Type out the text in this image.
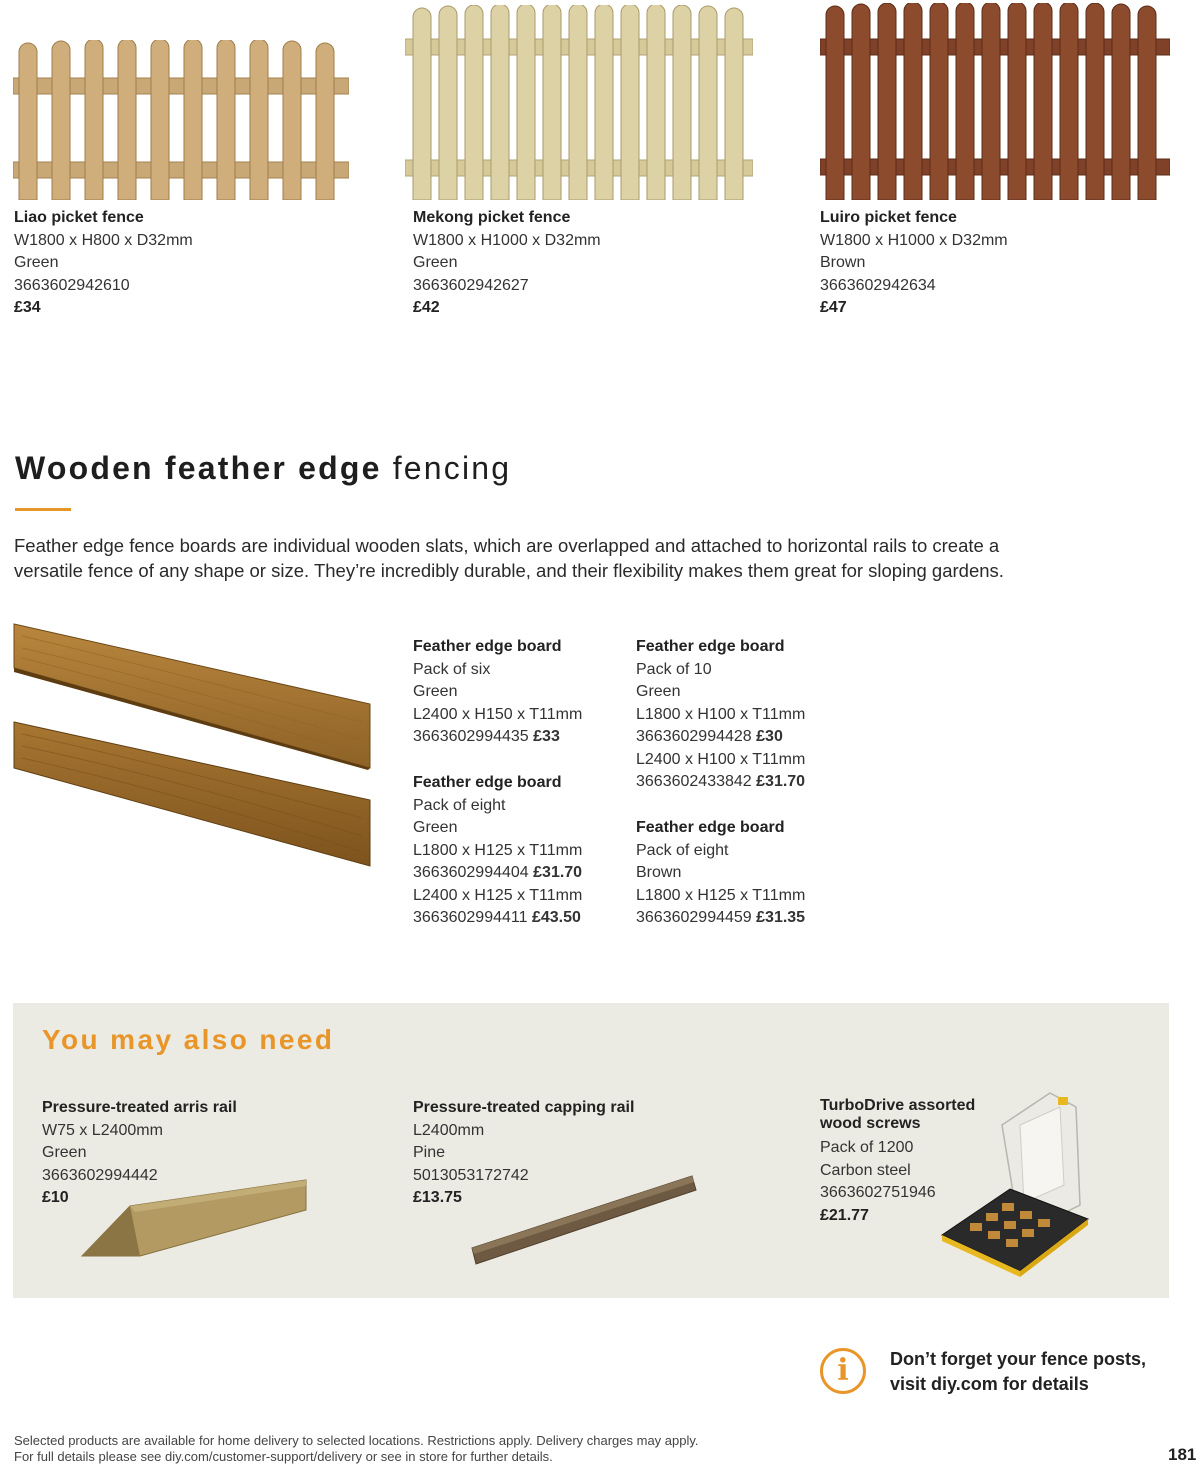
Liao picket fence
W1800 x H800 x D32mm
Green
3663602942610
£34
Mekong picket fence
W1800 x H1000 x D32mm
Green
3663602942627
£42
Luiro picket fence
W1800 x H1000 x D32mm
Brown
3663602942634
£47
Wooden feather edge fencing
Feather edge fence boards are individual wooden slats, which are overlapped and attached to horizontal rails to create a
versatile fence of any shape or size. They’re incredibly durable, and their flexibility makes them great for sloping gardens.
Feather edge board
Pack of six
Green
L2400 x H150 x T11mm
3663602994435 £33
Feather edge board
Pack of eight
Green
L1800 x H125 x T11mm
3663602994404 £31.70
L2400 x H125 x T11mm
3663602994411 £43.50
Feather edge board
Pack of 10
Green
L1800 x H100 x T11mm
3663602994428 £30
L2400 x H100 x T11mm
3663602433842 £31.70
Feather edge board
Pack of eight
Brown
L1800 x H125 x T11mm
3663602994459 £31.35
You may also need
Pressure-treated arris rail
W75 x L2400mm
Green
3663602994442
£10
Pressure-treated capping rail
L2400mm
Pine
5013053172742
£13.75
TurboDrive assorted
wood screws
Pack of 1200
Carbon steel
3663602751946
£21.77
i	Don’t forget your fence posts,
visit diy.com for details
Selected products are available for home delivery to selected locations. Restrictions apply. Delivery charges may apply.
For full details please see diy.com/customer-support/delivery or see in store for further details.	181
